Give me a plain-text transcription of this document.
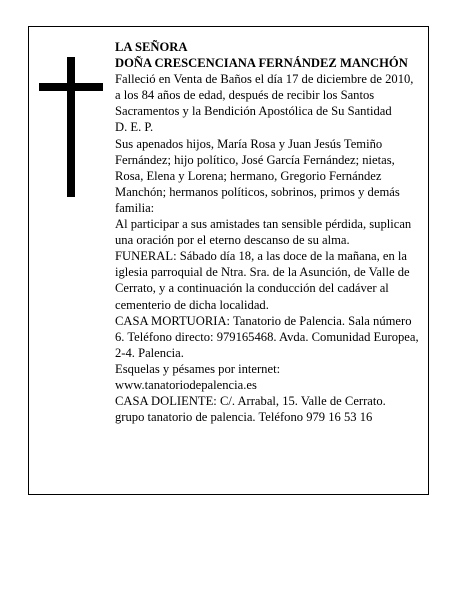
LA SEÑORA

DOÑA CRESCENCIANA FERNÁNDEZ MANCHÓN

Falleció en Venta de Baños el día 17 de diciembre de 2010, a los 84 años de edad, después de recibir los Santos Sacramentos y la Bendición Apostólica de Su Santidad

D. E. P.

Sus apenados hijos, María Rosa y Juan Jesús Temiño Fernández; hijo político, José García Fernández; nietas, Rosa, Elena y Lorena; hermano, Gregorio Fernández Manchón; hermanos políticos, sobrinos, primos y demás familia:

Al participar a sus amistades tan sensible pérdida, suplican una oración por el eterno descanso de su alma.

FUNERAL: Sábado día 18, a las doce de la mañana, en la iglesia parroquial de Ntra. Sra. de la Asunción, de Valle de Cerrato, y a continuación la conducción del cadáver al cementerio de dicha localidad.

CASA MORTUORIA: Tanatorio de Palencia. Sala número 6. Teléfono directo: 979165468. Avda. Comunidad Europea, 2-4. Palencia.

Esquelas y pésames por internet:

www.tanatoriodepalencia.es

CASA DOLIENTE: C/. Arrabal, 15. Valle de Cerrato.

grupo tanatorio de palencia. Teléfono 979 16 53 16
